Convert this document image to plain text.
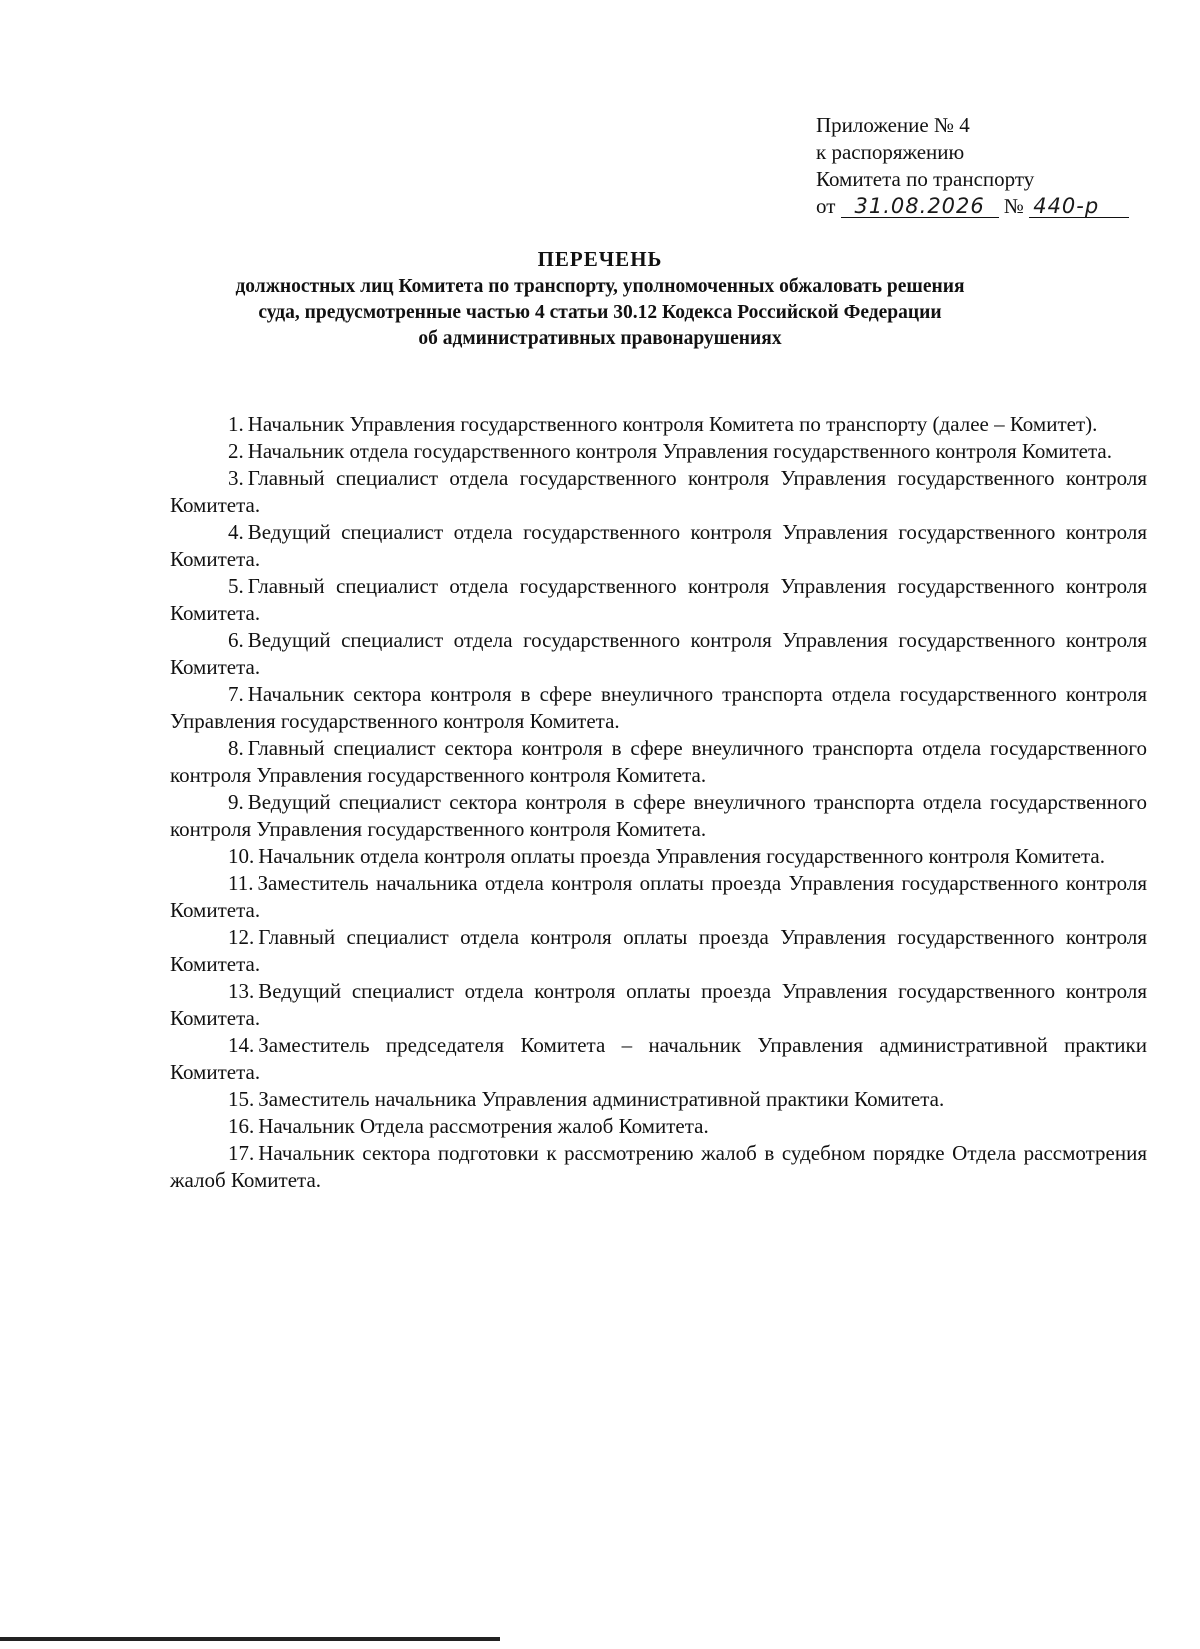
Приложение № 4
к распоряжению
Комитета по транспорту
от 31.08.2026 № 440-р
ПЕРЕЧЕНЬ
должностных лиц Комитета по транспорту, уполномоченных обжаловать решения
суда, предусмотренные частью 4 статьи 30.12 Кодекса Российской Федерации
об административных правонарушениях
1. Начальник Управления государственного контроля Комитета по транспорту (далее – Комитет).
2. Начальник отдела государственного контроля Управления государственного контроля Комитета.
3. Главный специалист отдела государственного контроля Управления государственного контроля Комитета.
4. Ведущий специалист отдела государственного контроля Управления государственного контроля Комитета.
5. Главный специалист отдела государственного контроля Управления государственного контроля Комитета.
6. Ведущий специалист отдела государственного контроля Управления государственного контроля Комитета.
7. Начальник сектора контроля в сфере внеуличного транспорта отдела государственного контроля Управления государственного контроля Комитета.
8. Главный специалист сектора контроля в сфере внеуличного транспорта отдела государственного контроля Управления государственного контроля Комитета.
9. Ведущий специалист сектора контроля в сфере внеуличного транспорта отдела государственного контроля Управления государственного контроля Комитета.
10. Начальник отдела контроля оплаты проезда Управления государственного контроля Комитета.
11. Заместитель начальника отдела контроля оплаты проезда Управления государственного контроля Комитета.
12. Главный специалист отдела контроля оплаты проезда Управления государственного контроля Комитета.
13. Ведущий специалист отдела контроля оплаты проезда Управления государственного контроля Комитета.
14. Заместитель председателя Комитета – начальник Управления административной практики Комитета.
15. Заместитель начальника Управления административной практики Комитета.
16. Начальник Отдела рассмотрения жалоб Комитета.
17. Начальник сектора подготовки к рассмотрению жалоб в судебном порядке Отдела рассмотрения жалоб Комитета.
